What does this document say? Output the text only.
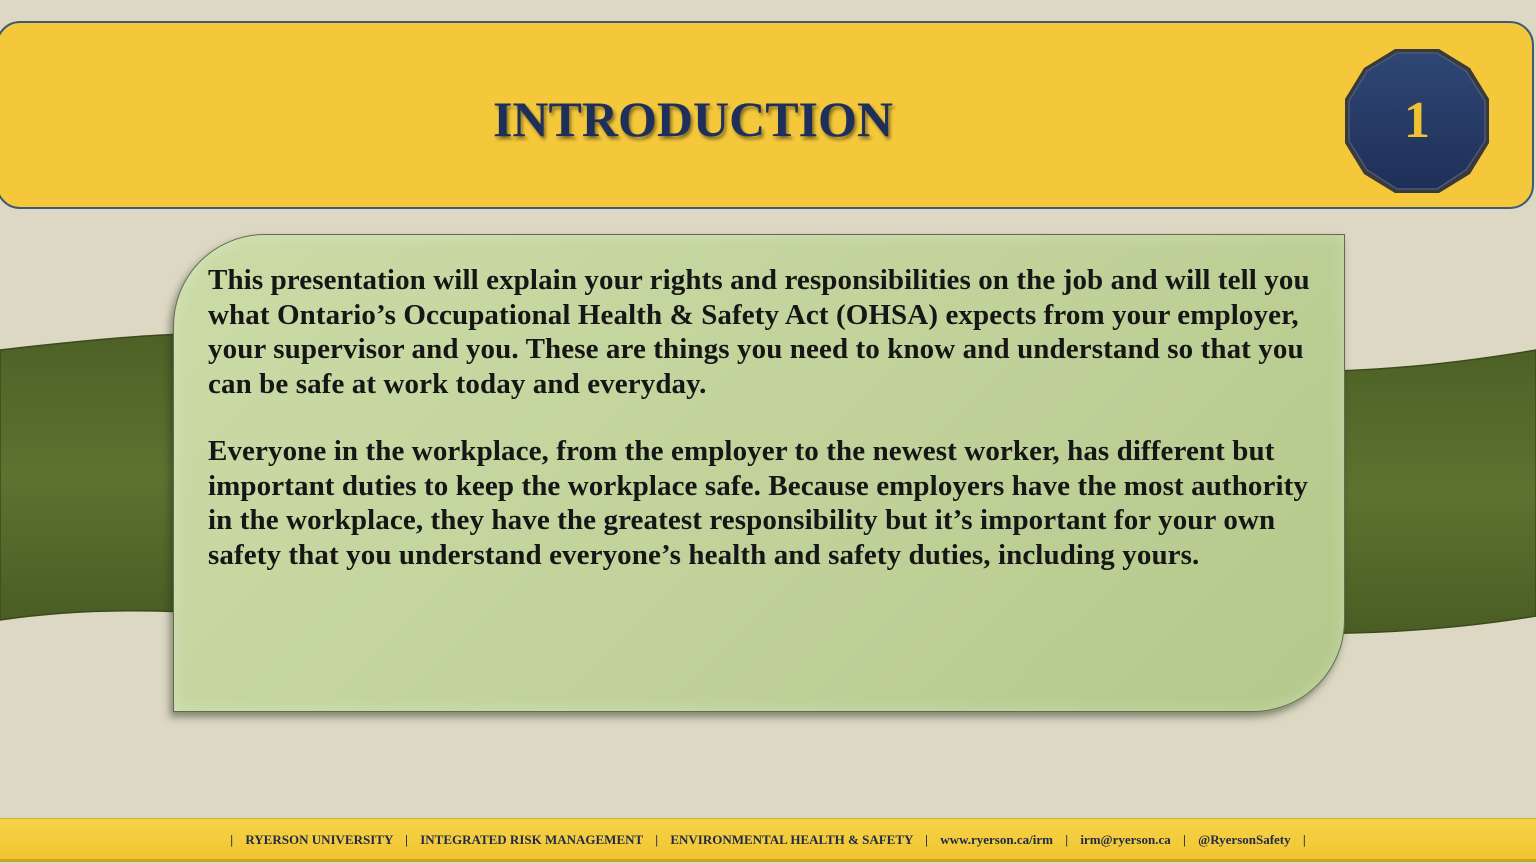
INTRODUCTION	1

This presentation will explain your rights and responsibilities on the job and will tell you what Ontario’s Occupational Health & Safety Act (OHSA) expects from your employer, your supervisor and you. These are things you need to know and understand so that you can be safe at work today and everyday.

Everyone in the workplace, from the employer to the newest worker, has different but important duties to keep the workplace safe. Because employers have the most authority in the workplace, they have the greatest responsibility but it’s important for your own safety that you understand everyone’s health and safety duties, including yours.

| RYERSON UNIVERSITY | INTEGRATED RISK MANAGEMENT | ENVIRONMENTAL HEALTH & SAFETY | www.ryerson.ca/irm | irm@ryerson.ca | @RyersonSafety |
